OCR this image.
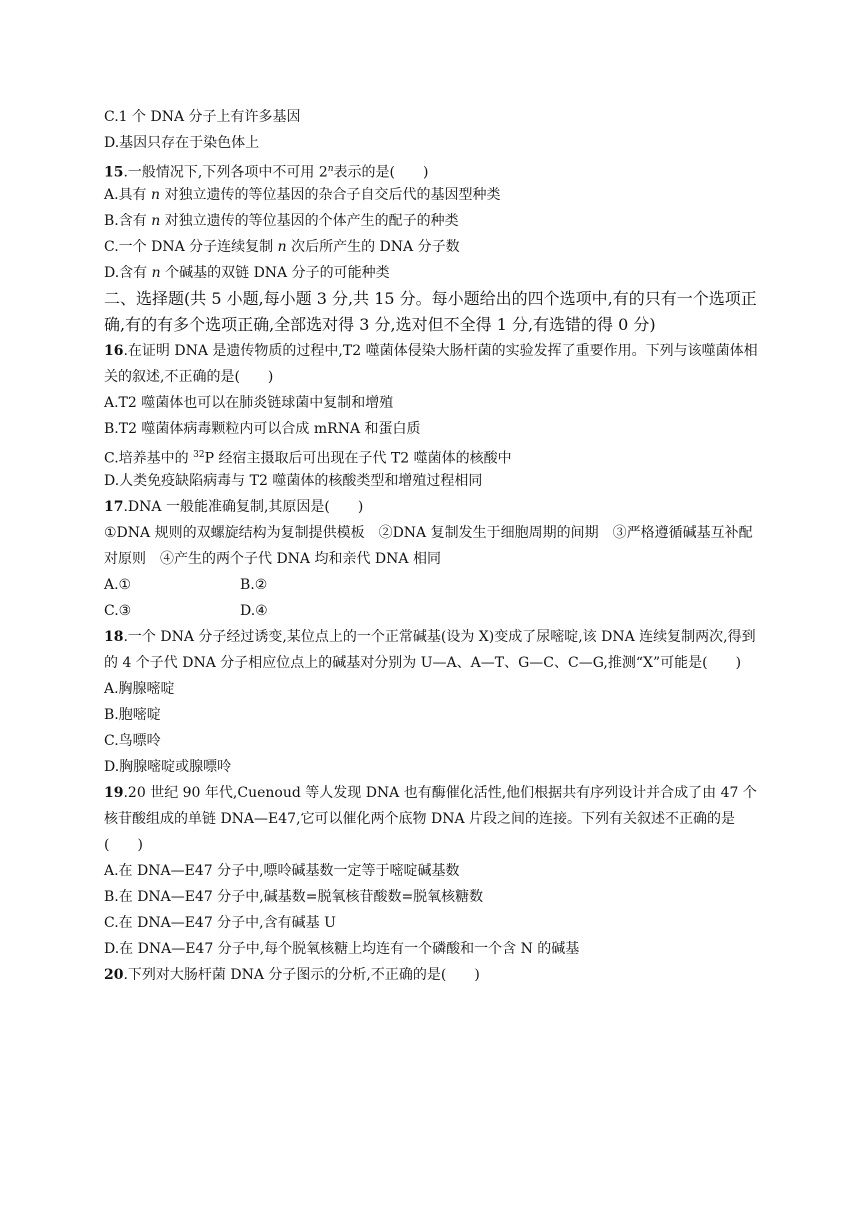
C.1 个 DNA 分子上有许多基因
D.基因只存在于染色体上
15.一般情况下,下列各项中不可用 2$^n$表示的是(　　)
A.具有 n 对独立遗传的等位基因的杂合子自交后代的基因型种类
B.含有 n 对独立遗传的等位基因的个体产生的配子的种类
C.一个 DNA 分子连续复制 n 次后所产生的 DNA 分子数
D.含有 n 个碱基的双链 DNA 分子的可能种类
二、选择题(共 5 小题,每小题 3 分,共 15 分。每小题给出的四个选项中,有的只有一个选项正确,有的有多个选项正确,全部选对得 3 分,选对但不全得 1 分,有选错的得 0 分)
16.在证明 DNA 是遗传物质的过程中,T2 噬菌体侵染大肠杆菌的实验发挥了重要作用。下列与该噬菌体相关的叙述,不正确的是(　　)
A.T2 噬菌体也可以在肺炎链球菌中复制和增殖
B.T2 噬菌体病毒颗粒内可以合成 mRNA 和蛋白质
C.培养基中的 $^{32}$P 经宿主摄取后可出现在子代 T2 噬菌体的核酸中
D.人类免疫缺陷病毒与 T2 噬菌体的核酸类型和增殖过程相同
17.DNA 一般能准确复制,其原因是(　　)
①DNA 规则的双螺旋结构为复制提供模板　②DNA 复制发生于细胞周期的间期　③严格遵循碱基互补配对原则　④产生的两个子代 DNA 均和亲代 DNA 相同
A.①	B.②
C.③	D.④
18.一个 DNA 分子经过诱变,某位点上的一个正常碱基(设为 X)变成了尿嘧啶,该 DNA 连续复制两次,得到的 4 个子代 DNA 分子相应位点上的碱基对分别为 U—A、A—T、G—C、C—G,推测“X”可能是(　　)
A.胸腺嘧啶
B.胞嘧啶
C.鸟嘌呤
D.胸腺嘧啶或腺嘌呤
19.20 世纪 90 年代,Cuenoud 等人发现 DNA 也有酶催化活性,他们根据共有序列设计并合成了由 47 个核苷酸组成的单链 DNA—E47,它可以催化两个底物 DNA 片段之间的连接。下列有关叙述不正确的是(　　)
A.在 DNA—E47 分子中,嘌呤碱基数一定等于嘧啶碱基数
B.在 DNA—E47 分子中,碱基数=脱氧核苷酸数=脱氧核糖数
C.在 DNA—E47 分子中,含有碱基 U
D.在 DNA—E47 分子中,每个脱氧核糖上均连有一个磷酸和一个含 N 的碱基
20.下列对大肠杆菌 DNA 分子图示的分析,不正确的是(　　)
